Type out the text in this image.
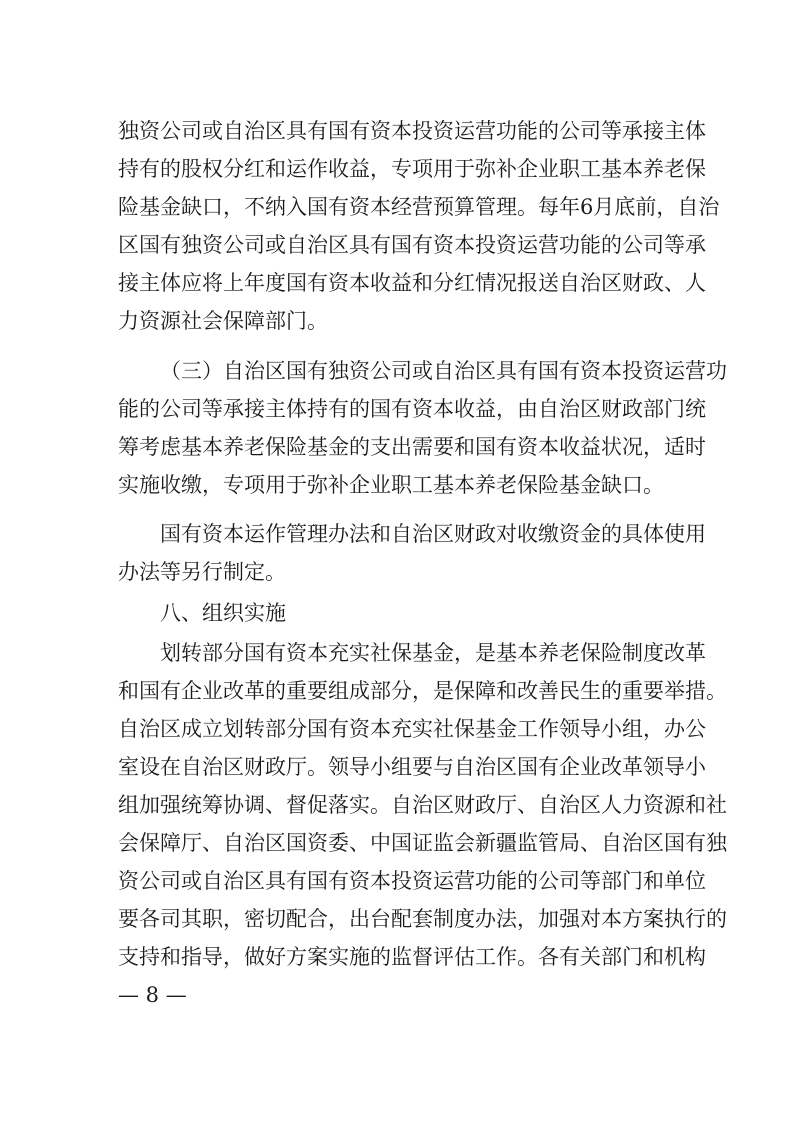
独资公司或自治区具有国有资本投资运营功能的公司等承接主体
持有的股权分红和运作收益，专项用于弥补企业职工基本养老保
险基金缺口，不纳入国有资本经营预算管理。每年6月底前，自治
区国有独资公司或自治区具有国有资本投资运营功能的公司等承
接主体应将上年度国有资本收益和分红情况报送自治区财政、人
力资源社会保障部门。
（三）自治区国有独资公司或自治区具有国有资本投资运营功
能的公司等承接主体持有的国有资本收益，由自治区财政部门统
筹考虑基本养老保险基金的支出需要和国有资本收益状况，适时
实施收缴，专项用于弥补企业职工基本养老保险基金缺口。
国有资本运作管理办法和自治区财政对收缴资金的具体使用
办法等另行制定。
八、组织实施
划转部分国有资本充实社保基金，是基本养老保险制度改革
和国有企业改革的重要组成部分，是保障和改善民生的重要举措。
自治区成立划转部分国有资本充实社保基金工作领导小组，办公
室设在自治区财政厅。领导小组要与自治区国有企业改革领导小
组加强统筹协调、督促落实。自治区财政厅、自治区人力资源和社
会保障厅、自治区国资委、中国证监会新疆监管局、自治区国有独
资公司或自治区具有国有资本投资运营功能的公司等部门和单位
要各司其职，密切配合，出台配套制度办法，加强对本方案执行的
支持和指导，做好方案实施的监督评估工作。各有关部门和机构
— 8 —
